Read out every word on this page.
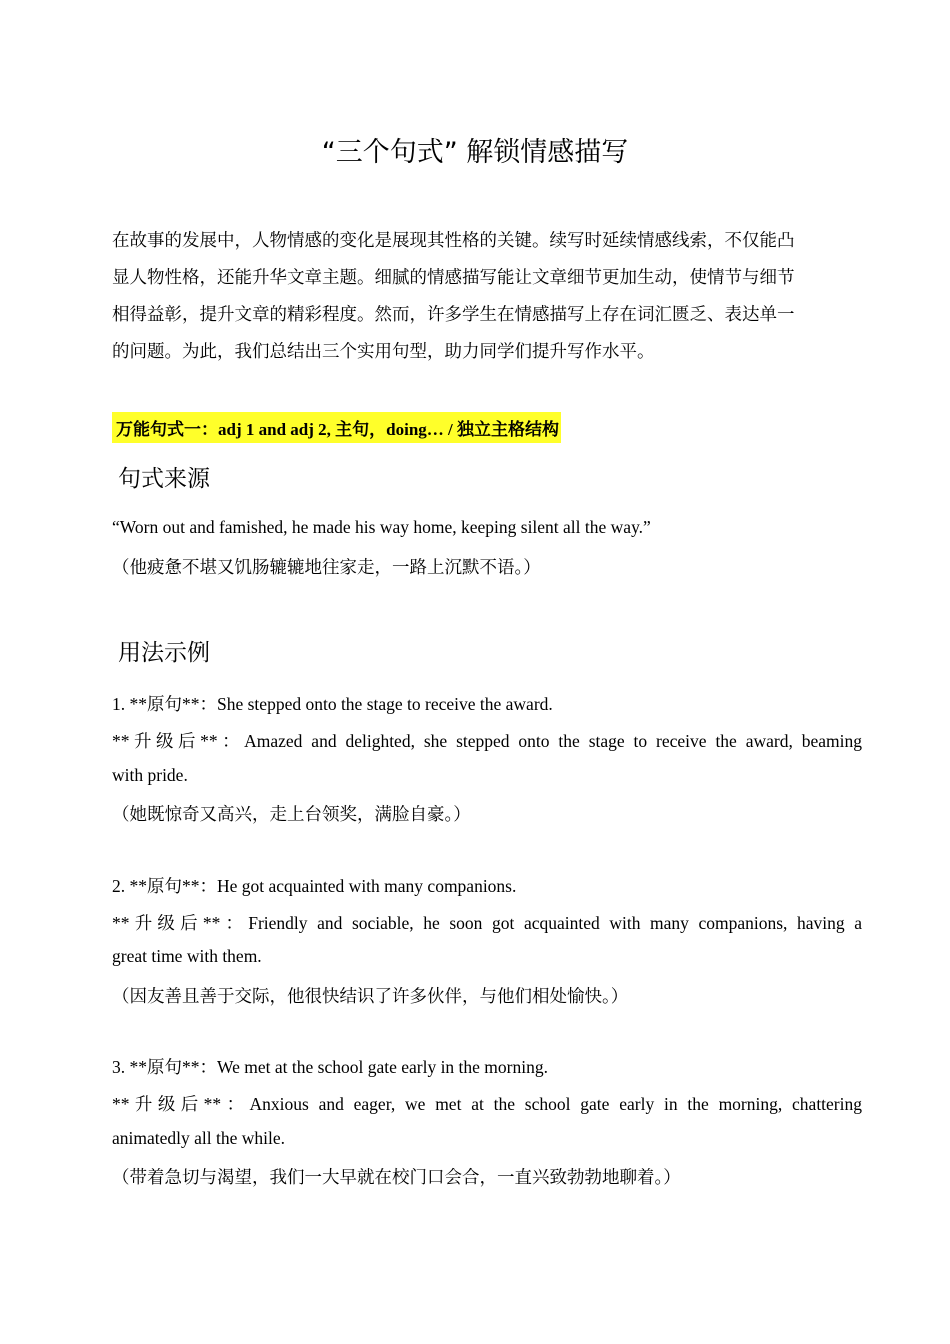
“三个句式” 解锁情感描写
在故事的发展中，人物情感的变化是展现其性格的关键。续写时延续情感线索，不仅能凸
显人物性格，还能升华文章主题。细腻的情感描写能让文章细节更加生动，使情节与细节
相得益彰，提升文章的精彩程度。然而，许多学生在情感描写上存在词汇匮乏、表达单一
的问题。为此，我们总结出三个实用句型，助力同学们提升写作水平。
万能句式一：adj 1 and adj 2, 主句，doing… / 独立主格结构
句式来源
“Worn out and famished, he made his way home, keeping silent all the way.”
（他疲惫不堪又饥肠辘辘地往家走，一路上沉默不语。）
用法示例
1. **原句**：She stepped onto the stage to receive the award.
**升级后**：Amazed and delighted, she stepped onto the stage to receive the award, beaming
with pride.
（她既惊奇又高兴，走上台领奖，满脸自豪。）
2. **原句**：He got acquainted with many companions.
**升级后**：Friendly and sociable, he soon got acquainted with many companions, having a
great time with them.
（因友善且善于交际，他很快结识了许多伙伴，与他们相处愉快。）
3. **原句**：We met at the school gate early in the morning.
**升级后**：Anxious and eager, we met at the school gate early in the morning, chattering
animatedly all the while.
（带着急切与渴望，我们一大早就在校门口会合，一直兴致勃勃地聊着。）
